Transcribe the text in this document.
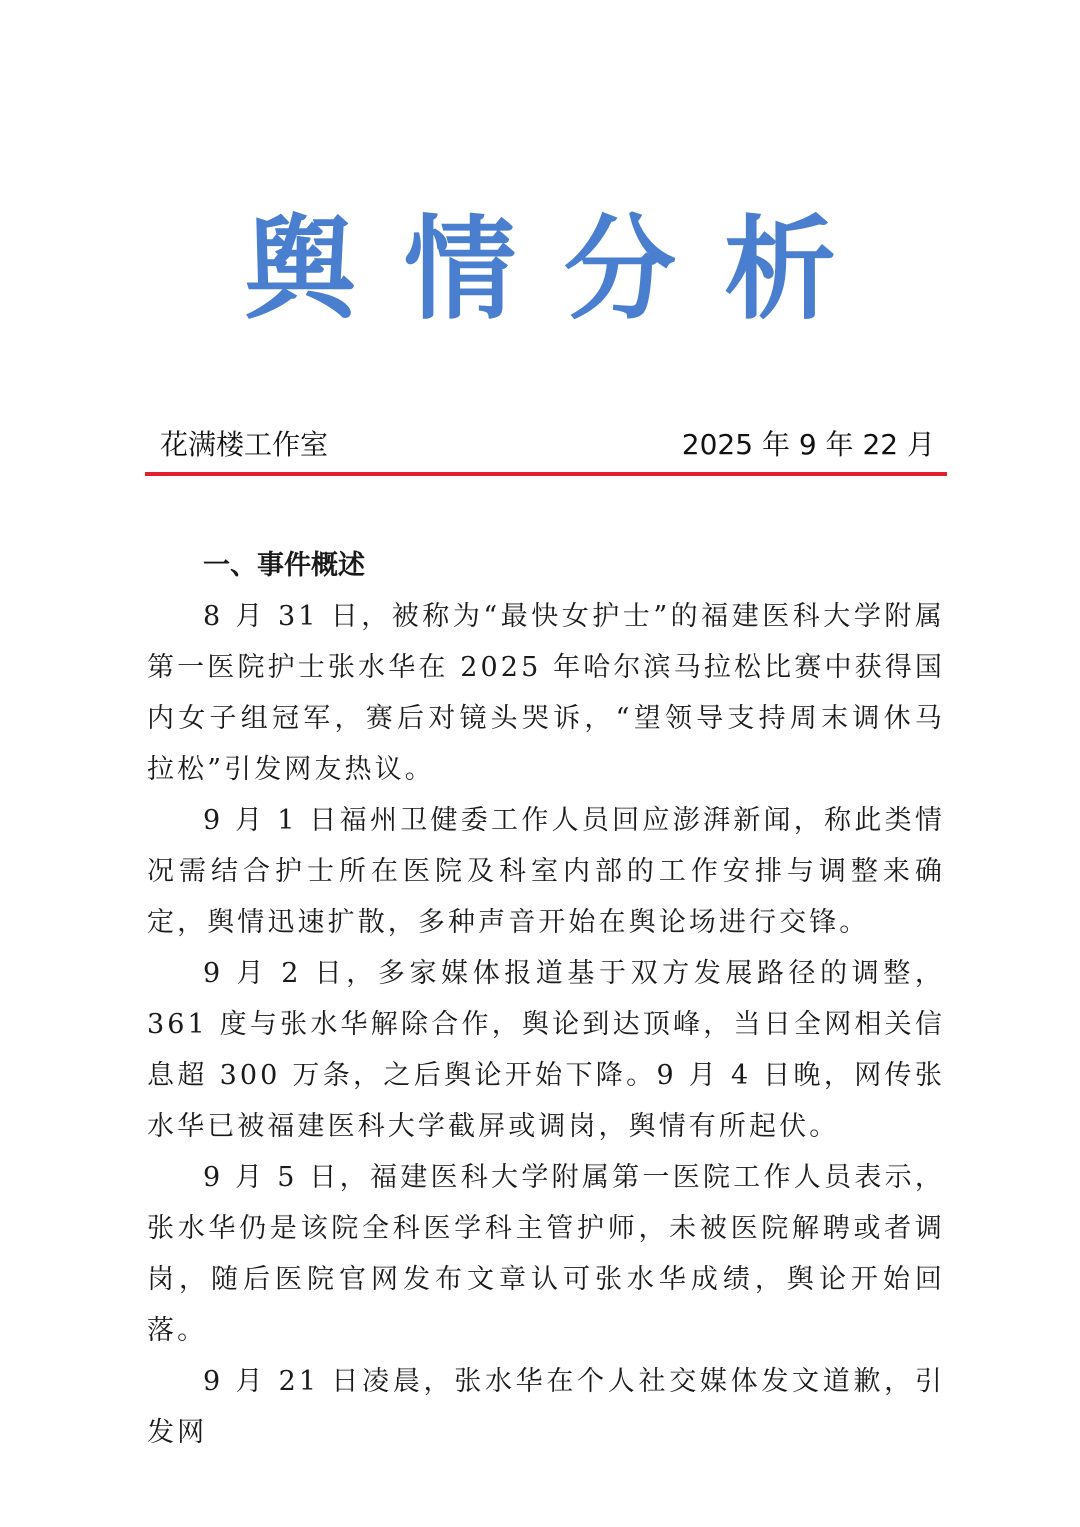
舆情分析
花满楼工作室	2025 年 9 年 22 月

一、事件概述

8 月 31 日，被称为“最快女护士”的福建医科大学附属第一医院护士张水华在 2025 年哈尔滨马拉松比赛中获得国内女子组冠军，赛后对镜头哭诉，“望领导支持周末调休马拉松”引发网友热议。

9 月 1 日福州卫健委工作人员回应澎湃新闻，称此类情况需结合护士所在医院及科室内部的工作安排与调整来确定，舆情迅速扩散，多种声音开始在舆论场进行交锋。

9 月 2 日，多家媒体报道基于双方发展路径的调整，361 度与张水华解除合作，舆论到达顶峰，当日全网相关信息超 300 万条，之后舆论开始下降。9 月 4 日晚，网传张水华已被福建医科大学截屏或调岗，舆情有所起伏。

9 月 5 日，福建医科大学附属第一医院工作人员表示，张水华仍是该院全科医学科主管护师，未被医院解聘或者调岗，随后医院官网发布文章认可张水华成绩，舆论开始回落。

9 月 21 日凌晨，张水华在个人社交媒体发文道歉，引发网
